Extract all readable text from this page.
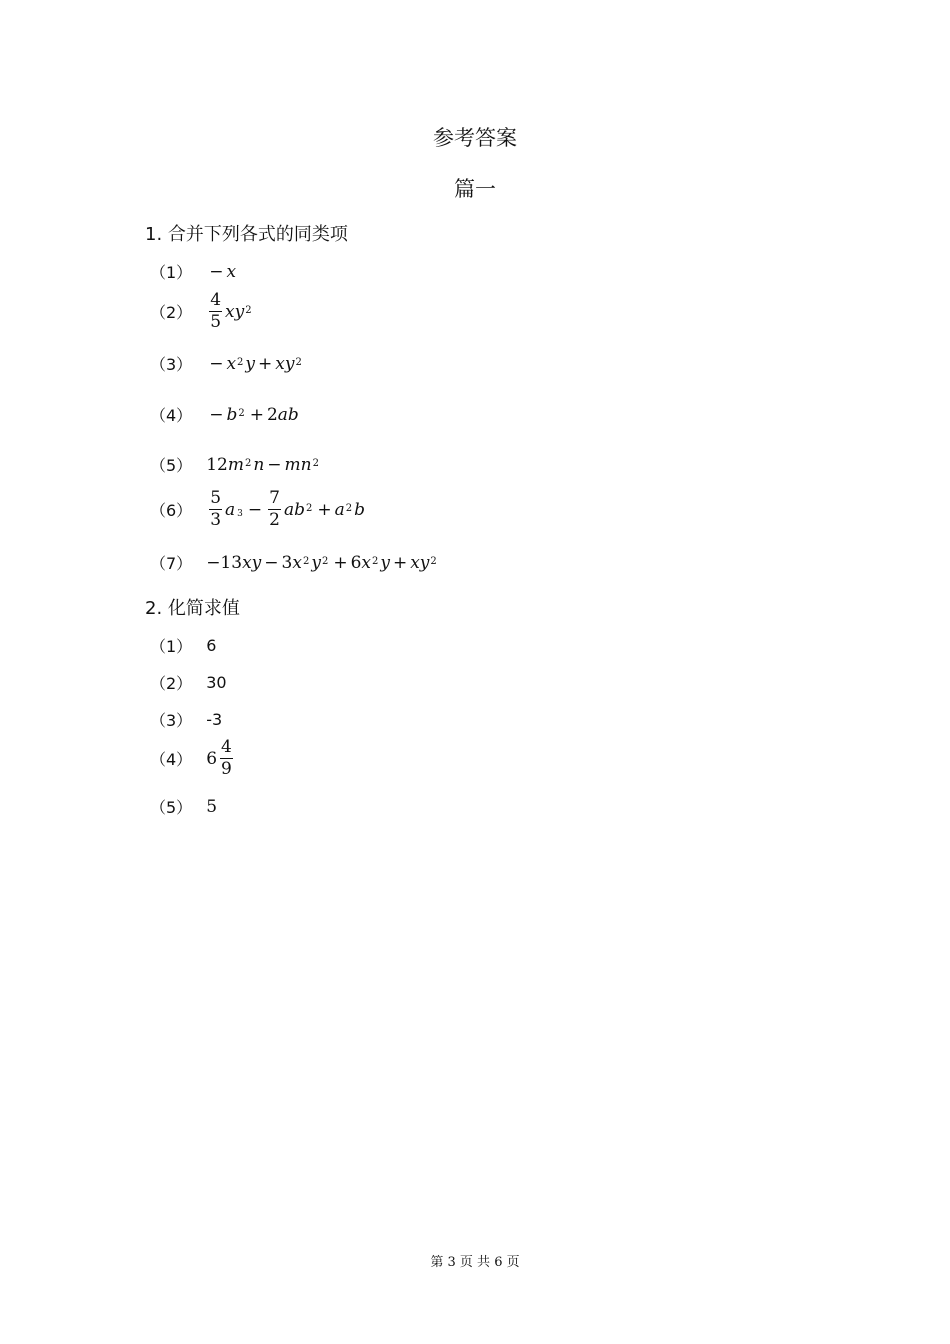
参考答案
篇一
1. 合并下列各式的同类项
（1） − x
$(2) \frac{4}{5}$ xy 2
（3） − x 2 y + xy 2
（4） − b 2 + 2 ab
（5） 12 m 2 n − mn 2
$(6) \frac{5}{3}$ a $3 - \frac{7}{2}$ ab 2 + a 2 b
（7） −13 xy − 3 x 2 y 2 + 6 x 2 y + xy 2
2. 化简求值
（1） 6
（2） 30
（3） -3
（4） $6 \frac{4}{9}$
（5） 5
第 3 页 共 6 页
